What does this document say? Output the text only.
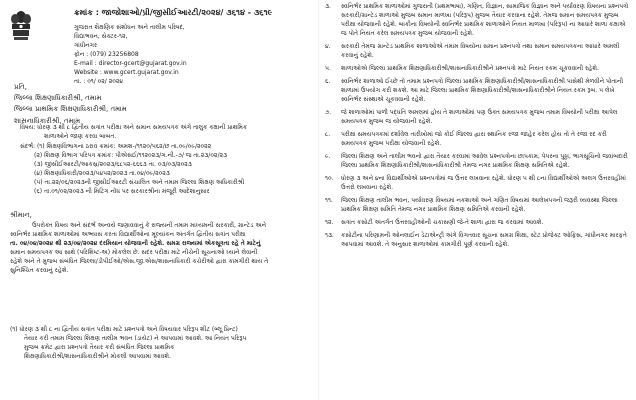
ક્રમાંક : જાજોશાઓ/પ્રી/જીસીઈઆરટી/૨૦૨૪/ ૩૬૧૪ - ૩૬૧૯
ગુજરાત શૈક્ષણિક સંશોધન અને તાલીમ પરિષદ,
વિદ્યાભવન, સેક્ટર-૧૨,
ગાંધીનગર
ફોન : (079) 23256808
E-mail : director-gcert@gujarat.gov.in
Website : www.gcert.gujarat.gov.in
તા. : ૦૧/ ૦૨/ ૨૦૨૪
પ્રતિ,
જિલ્લા શિક્ષણાધિકારીશ્રી, તમામ
જિલ્લા પ્રાથમિક શિક્ષણાધિકારીશ્રી, તમામ
શાસનાધિકારીશ્રી, તમામ
વિષય: ધોરણ ૩ થી ૮ દ્વિતીય સત્રાંત પરીક્ષા અને સમાન સમયપત્રક અંગે તાલુક કક્ષાની પ્રાથમિક
શાળાઓને જાણ કરવા બાબત.
સંદર્ભ: (૧) શિક્ષણવિભાગના ઠરાવ ક્રમાંક: અમશ-/૧૧૨૦/૫૬૨/છ તા.૦૯/૦૯/૨૦૨૨
(૨) શિક્ષણ વિભાગ પરિપત્ર ક્રમાંક: પીએસઈ/૧૧૨૦૨૩/ગ.ની.-૭/ જ તા.૨૩/૦૨/૨૩
(૩) જીસીઈઆરટી/આકસ્ર/૨૦૨૩/૬૮૫૨-૬૬૬૩ તા. ૦૩/૦૩/૨૦૨૩
(૪) શિક્ષણાધિકારી/૨૦૨૩/૫૪૫૨/૨૦૨૩ તા.૦૪/૦૯/૨૦૨૩
(૫) તા.૨૨/૦૬/૨૦૨૩ની જીસીઈઆરટી સંચાલિત અને તમામ જિલ્લા શિક્ષણ અધિકારીશ્રી
(૬) તા.૦૧/૦૨/૨૦૨૩ ની મિટિંગ નોંધ પર સરકારશ્રીના મંજૂરી આદેશાનુસાર
શ્રીમાન,
ઉપરોક્ત વિષય અને સંદર્ભ અન્વયે જણાવવાનું કે રાજ્યની તમામ માધ્યમની સરકારી, ગ્રાન્ટેડ અને
સ્વનિર્ભર પ્રાથમિક શાળાઓમાં અભ્યાસ કરતા વિદ્યાર્થીઓના મૂલ્યાંકન અંતર્ગત દ્વિતીય સત્રાંત પરીક્ષા
તા. ૦૪/૦૪/૨૦૨૪ થી ૨૩/૦૪/૨૦૨૪ દરમિયાન યોજવાની રહેશે. સમગ્ર રાજ્યમાં એકસૂત્રતા રહે તે માટેનું
સમાન સમયપત્રક આ સાથે (પરિશિષ્ટ-અ) મોકલેલ છે. સદર પરીક્ષા માટે નીચેની સૂચનાઓ ધ્યાને લેવાની
રહેશે અને તે મુજબ સંબંધિત જિલ્લા/ડીપીઈઓ/એસ.જી.એસ/શાસનાધિકારી કચેરીઓ દ્વારા કામગીરી થાય તે
સુનિશ્ચિત કરવાનું રહેશે.
(૧) ધોરણ ૩ થી ૮ ના દ્વિતીય સત્રાંત પરીક્ષા માટે પ્રશ્નપત્રો અને વિષયવાર પરિરૂપ શીટ (બ્લૂ પ્રિન્ટ)
તૈયાર કરી તમામ જિલ્લા શિક્ષણ તાલીમ ભવન (ડાયેટ) ને આપવામાં આવશે. આ નિયત પરિરૂપ
મુજબ ક્રમેટ દ્વારા પ્રશ્નપત્રો તૈયાર કરી સંબંધિત જિલ્લા પ્રાથમિક
શિક્ષણાધિકારીશ્રી/શાસનાધિકારીશ્રીને મોકલી આપવામાં આવશે.
૩.	સ્વનિર્ભર પ્રાથમિક શાળાઓમાં ગુજરાતી (પ્રથમભાષા), ગણિત, વિજ્ઞાન, સામાજિક વિજ્ઞાન અને પર્યાવરણ વિષયના પ્રશ્નપત્રો સરકારી/ગ્રાન્ટેડ શાળાઓ મુજબ સમાન માળખા (પરિરૂપ) મુજબ તૈયાર કરવાના રહેશે. તેમજ સમાન સમયપત્રક મુજબ પરીક્ષા યોજવાની રહેશે. બાકીના વિષયોની સ્વનિર્ભર પ્રાથમિક શાળાઓને નિયત માળખા (પરિરૂપ) ના આધારે શાળા કક્ષાએ જ પોતે નિયત કરેલ સમયપત્રક મુજબ યોજવાની રહેશે.
૪.	સરકારી તેમજ ગ્રાન્ટેડ પ્રાથમિક શાળાઓએ તમામ વિષયોના સમાન પ્રશ્નપત્રો તથા સમાન સમયપત્રકના આધારે અમલી કરવાનું રહેશે.
૫.	શાળાઓએ જિલ્લા પ્રાથમિક શિક્ષણાધિકારીશ્રી/શાસનાધિકારીશ્રીને પ્રશ્નપત્રો માટે નિયત રકમ ચૂકવવાની રહેશે.
૬.	સ્વનિર્ભર શાળાઓ ઈચ્છે તો તમામ પ્રશ્નપત્રો જિલ્લા પ્રાથમિક શિક્ષણાધિકારીશ્રી/શાસનાધિકારીશ્રી પાસેથી મેળવીને પોતાની શાળામાં ઉપયોગ કરી શકશે. આ માટે જિલ્લા પ્રાથમિક શિક્ષણાધિકારીશ્રી/શાસનાધિકારીશ્રીને નિયત રકમ રૂબ. ૫ લેખે સ્વનિર્ભર સંસ્થાએ ચૂકવવાની રહેશે.
૭.	જે શાળાઓમાં પાળી પદ્ધતિ અમલમાં હોય તે શાળાઓમાં પણ ઉક્ત સમયપત્રક મુજબ તમામ વિષયોની પરીક્ષા આપેલ સમયપત્રક મુજબ જ યોજવાની રહેશે.
૮.	પરીક્ષા સમયપત્રકમાં દર્શાવેલ તારીખોમાં જો કોઈ જિલ્લા દ્વારા સ્થાનિક રજા જાહેર કરેલ હોય તો તે રજા રદ કરી સમયપત્રક મુજબ પરીક્ષા યોજવાની રહેશે.
૯.	જિલ્લા શિક્ષણ અને તાલીમ ભવનો દ્વારા તૈયાર કરવામાં આવેલ પ્રશ્નપત્રોના છાપકામ, પેપરના પુઠ્ઠા, ભાગસૂચિનો જવાબદારી જિલ્લા પ્રાથમિક શિક્ષણાધિકારીશ્રી/શાસનાધિકારીશ્રી તેમજ નગર પ્રાથમિક શિક્ષણ સમિતિએ રહેશે.
૧૦.	ધોરણ ૩ અને ૪ના વિદ્યાર્થીઓએ પ્રશ્નપત્રોમાં જ ઉત્તર લખવાના રહેશે. ધોરણ ૫ થી ૮ના વિદ્યાર્થીઓએ અલગ ઉત્તરવહીમાં ઉત્તરો લખવાના રહેશે.
૧૧.	જિલ્લા શિક્ષણ તાલીમ ભવન, પર્યાવરણ વિષયમાં નકશાઓ અને ગણિત વિષયમાં આલેખપત્રની જરૂરી વ્યવસ્થા જિલ્લા પ્રાથમિક શિક્ષણ સમિતિ તેમજ નગર પ્રાથમિક શિક્ષણ સમિતિએ કરવાની રહેશે.
૧૨.	સત્રાંત કસોટી અંતર્ગત ઉત્તરવહીઓની ચકાસણી જે-તે શાળા દ્વારા જ કરવામાં આવશે.
૧૩.	કસોટીના પરિણામની ઓનલાઈન ડેટાએન્ટ્રી અંગે વિગતવાર સૂચના સમગ્ર શિક્ષા, સ્ટેટ પ્રોજેક્ટ ઓફિસ, ગાંધીનગર મારફતે આપવામાં આવશે. તે અનુસાર શાળાઓમાં કામગીરી પૂર્ણ કરવાની રહેશે.
